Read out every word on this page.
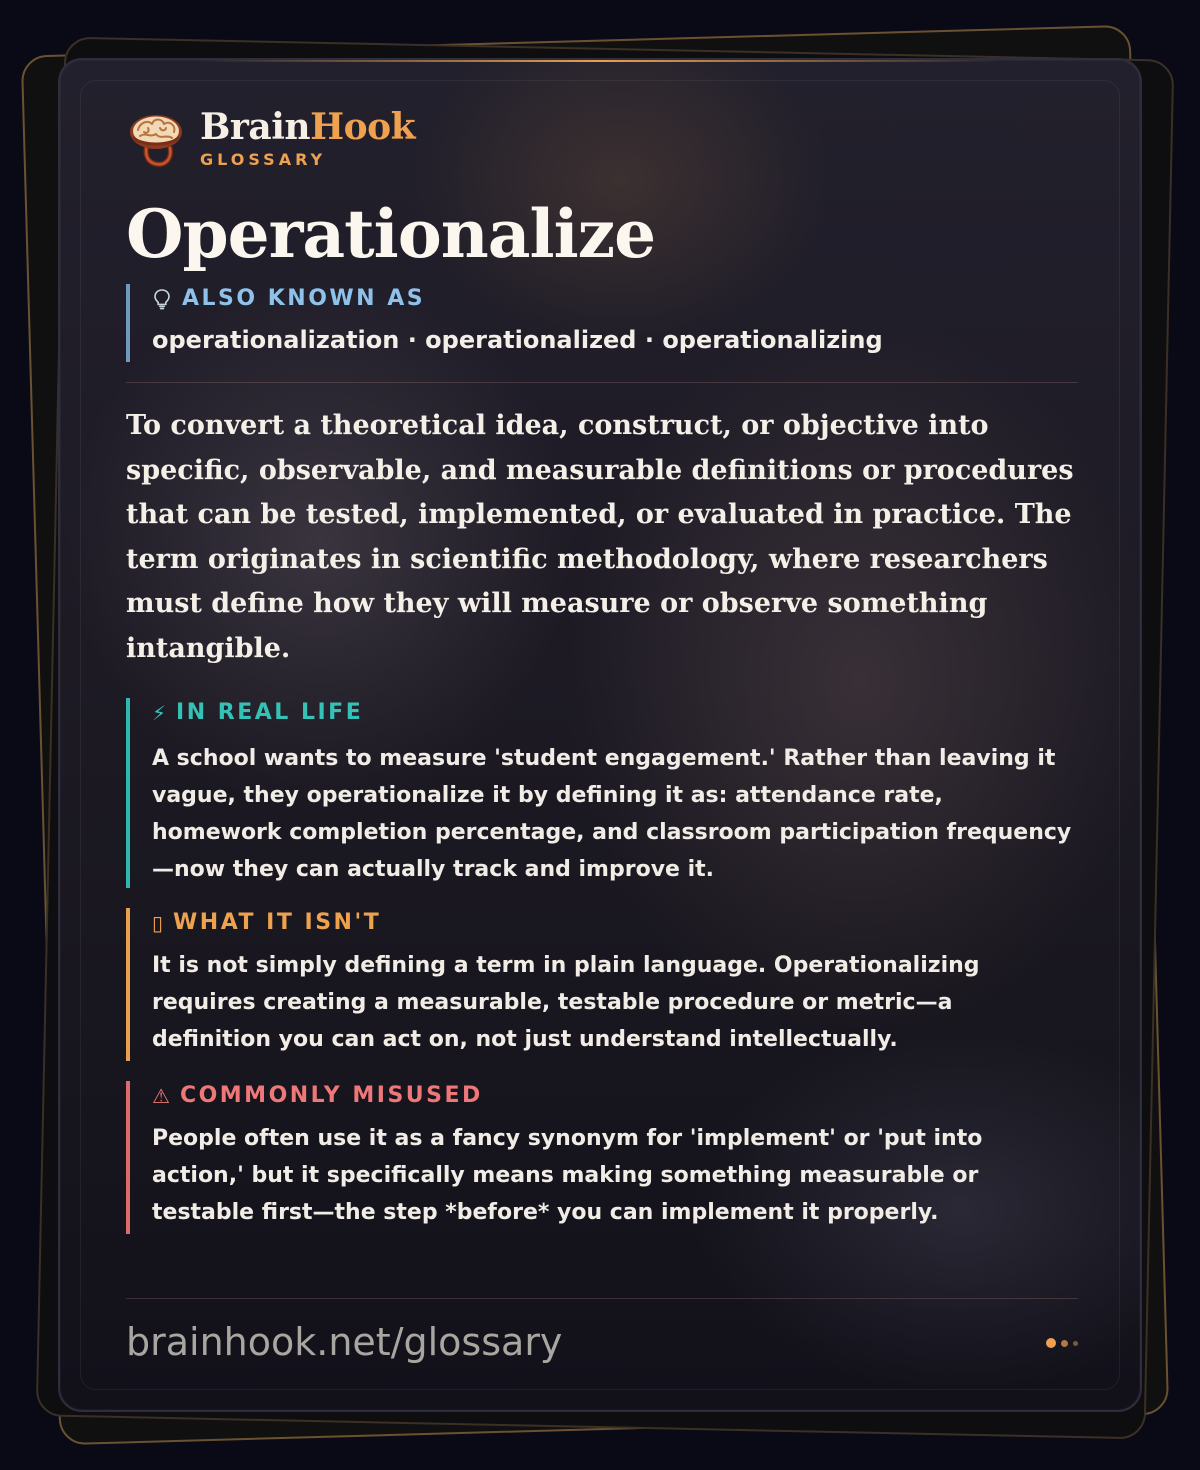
BrainHook
GLOSSARY
Operationalize
ALSO KNOWN AS
operationalization · operationalized · operationalizing

To convert a theoretical idea, construct, or objective into specific, observable, and measurable definitions or procedures that can be tested, implemented, or evaluated in practice. The term originates in scientific methodology, where researchers must define how they will measure or observe something intangible.

⚡ IN REAL LIFE
A school wants to measure 'student engagement.' Rather than leaving it vague, they operationalize it by defining it as: attendance rate, homework completion percentage, and classroom participation frequency—now they can actually track and improve it.
▯ WHAT IT ISN'T
It is not simply defining a term in plain language. Operationalizing requires creating a measurable, testable procedure or metric—a definition you can act on, not just understand intellectually.
⚠ COMMONLY MISUSED
People often use it as a fancy synonym for 'implement' or 'put into action,' but it specifically means making something measurable or testable first—the step *before* you can implement it properly.
brainhook.net/glossary
